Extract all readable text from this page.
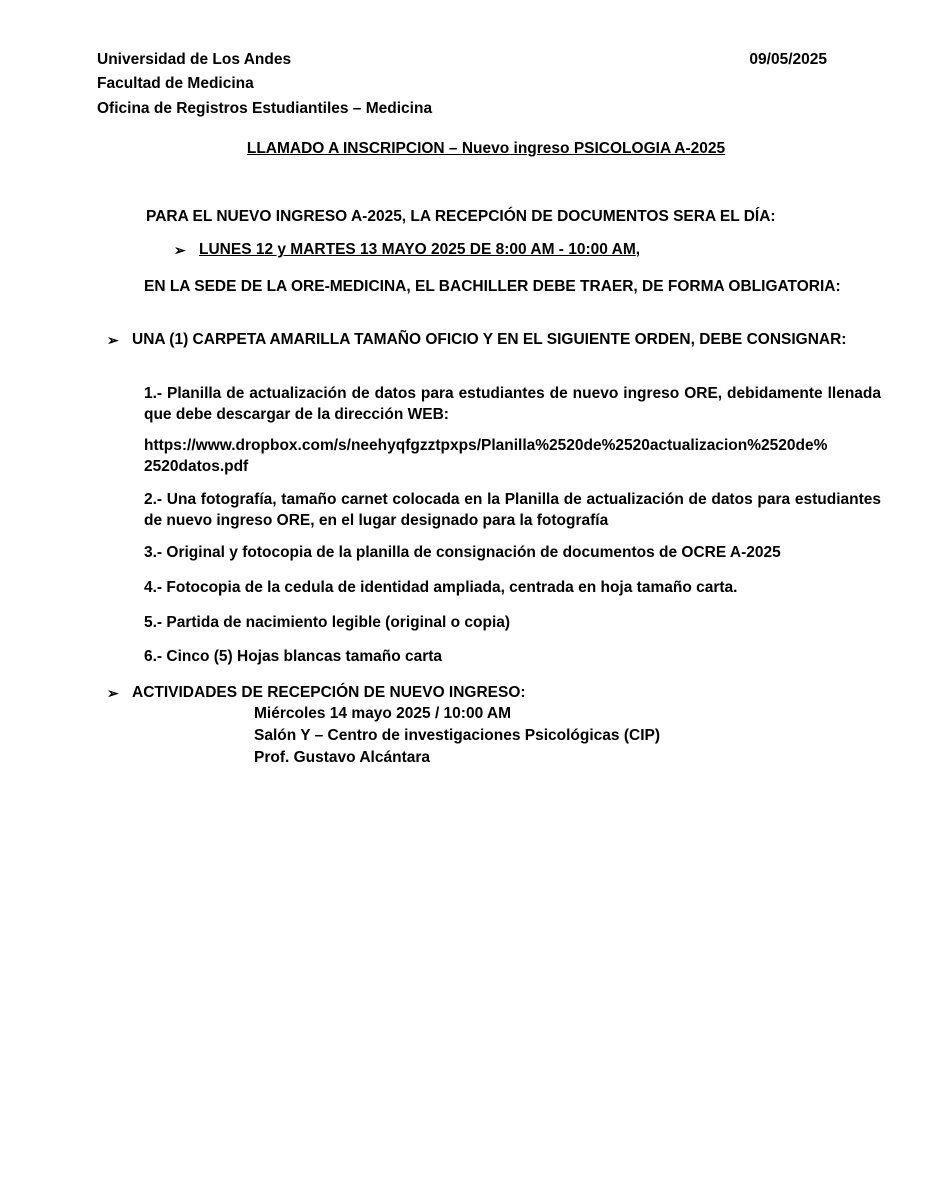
Universidad de Los Andes	09/05/2025
Facultad de Medicina
Oficina de Registros Estudiantiles – Medicina
LLAMADO A INSCRIPCION – Nuevo ingreso PSICOLOGIA A-2025
PARA EL NUEVO INGRESO A-2025, LA RECEPCIÓN DE DOCUMENTOS SERA EL DÍA:
➢ LUNES 12 y MARTES 13 MAYO 2025 DE 8:00 AM - 10:00 AM,
EN LA SEDE DE LA ORE-MEDICINA, EL BACHILLER DEBE TRAER, DE FORMA OBLIGATORIA:
➢ UNA (1) CARPETA AMARILLA TAMAÑO OFICIO Y EN EL SIGUIENTE ORDEN, DEBE CONSIGNAR:
1.- Planilla de actualización de datos para estudiantes de nuevo ingreso ORE, debidamente llenada que debe descargar de la dirección WEB:
https://www.dropbox.com/s/neehyqfgzztpxps/Planilla%2520de%2520actualizacion%2520de%
2520datos.pdf
2.- Una fotografía, tamaño carnet colocada en la Planilla de actualización de datos para estudiantes de nuevo ingreso ORE, en el lugar designado para la fotografía
3.- Original y fotocopia de la planilla de consignación de documentos de OCRE A-2025
4.- Fotocopia de la cedula de identidad ampliada, centrada en hoja tamaño carta.
5.- Partida de nacimiento legible (original o copia)
6.- Cinco (5) Hojas blancas tamaño carta
➢ ACTIVIDADES DE RECEPCIÓN DE NUEVO INGRESO:
Miércoles 14 mayo 2025 / 10:00 AM
Salón Y – Centro de investigaciones Psicológicas (CIP)
Prof. Gustavo Alcántara
